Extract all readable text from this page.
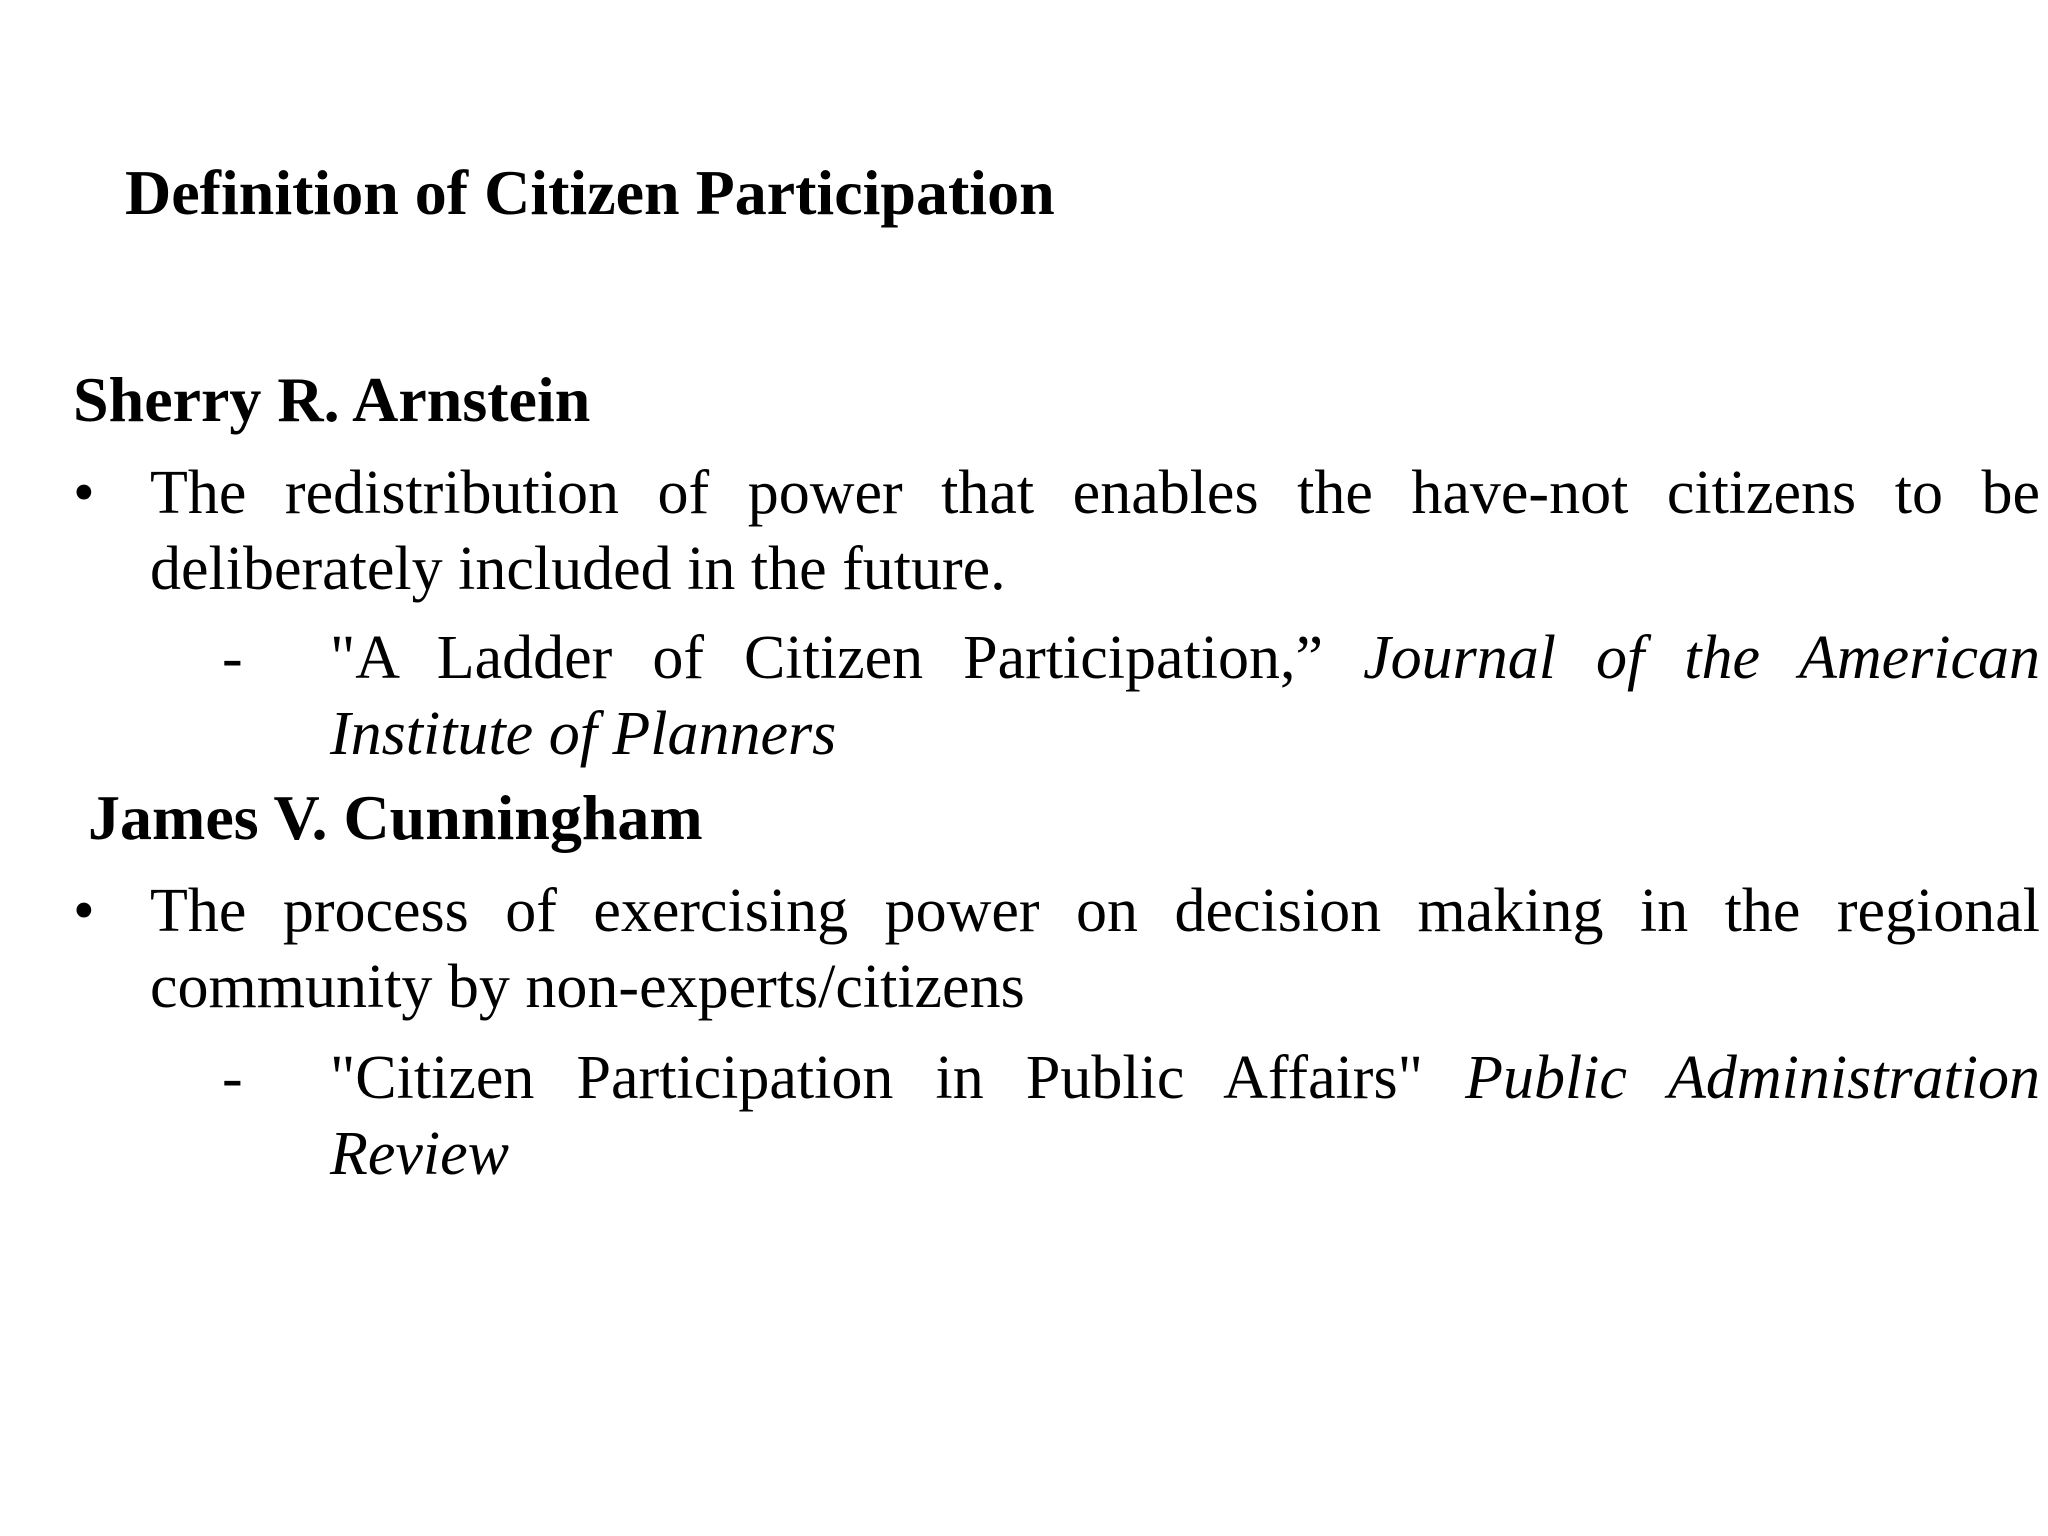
Definition of Citizen Participation
Sherry R. Arnstein
• The redistribution of power that enables the have-not citizens to be deliberately included in the future.
- "A Ladder of Citizen Participation,” Journal of the American Institute of Planners
James V. Cunningham
• The process of exercising power on decision making in the regional community by non-experts/citizens
- "Citizen Participation in Public Affairs" Public Administration Review
